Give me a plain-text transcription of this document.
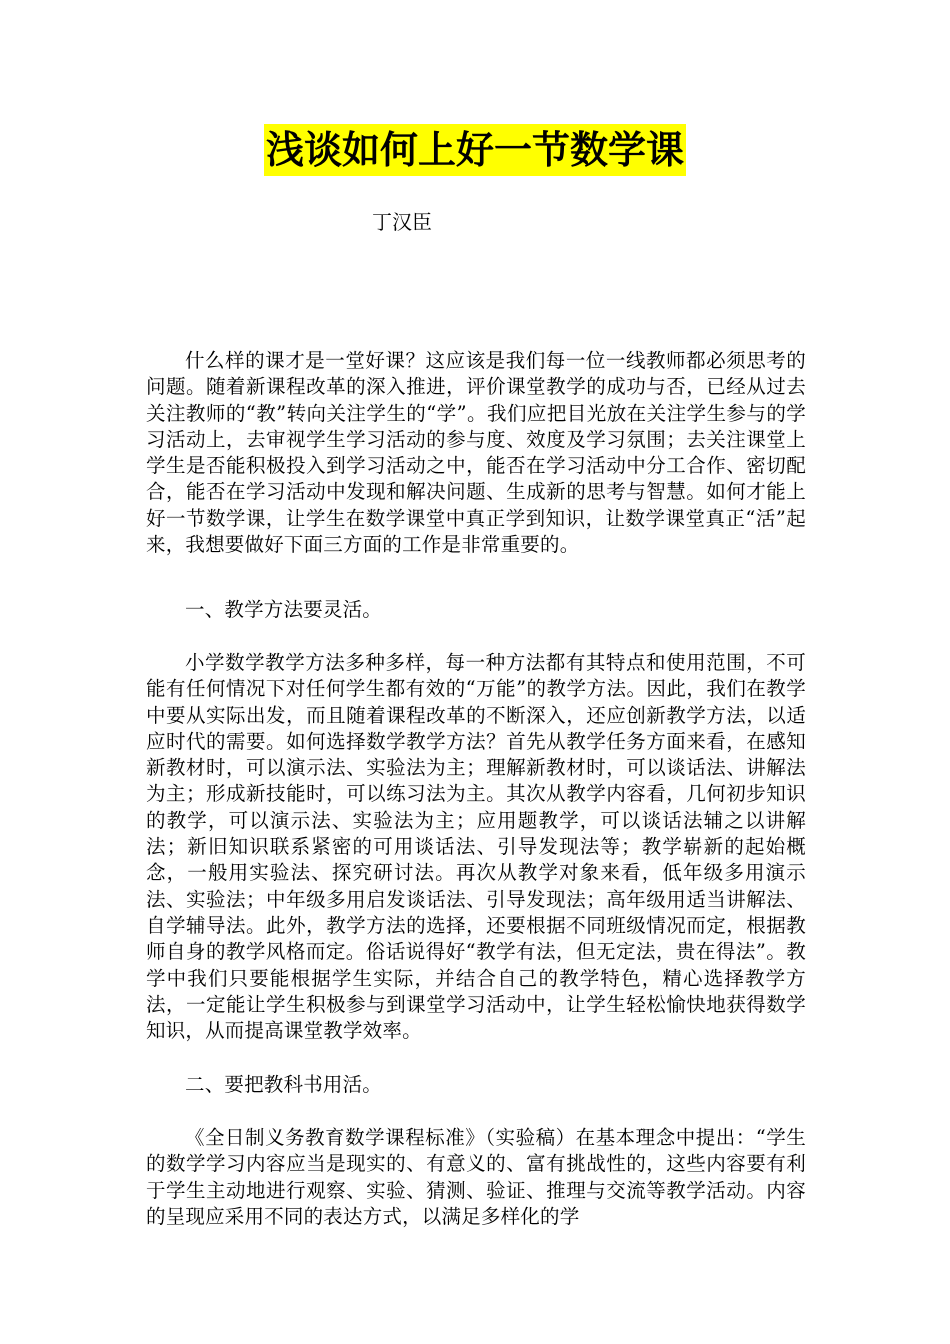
浅谈如何上好一节数学课
丁汉臣

什么样的课才是一堂好课？这应该是我们每一位一线教师都必须思考的问题。随着新课程改革的深入推进，评价课堂教学的成功与否，已经从过去关注教师的“教”转向关注学生的“学”。我们应把目光放在关注学生参与的学习活动上，去审视学生学习活动的参与度、效度及学习氛围；去关注课堂上学生是否能积极投入到学习活动之中，能否在学习活动中分工合作、密切配合，能否在学习活动中发现和解决问题、生成新的思考与智慧。如何才能上好一节数学课，让学生在数学课堂中真正学到知识，让数学课堂真正“活”起来，我想要做好下面三方面的工作是非常重要的。

一、教学方法要灵活。

小学数学教学方法多种多样，每一种方法都有其特点和使用范围，不可能有任何情况下对任何学生都有效的“万能”的教学方法。因此，我们在教学中要从实际出发，而且随着课程改革的不断深入，还应创新教学方法，以适应时代的需要。如何选择数学教学方法？首先从教学任务方面来看，在感知新教材时，可以演示法、实验法为主；理解新教材时，可以谈话法、讲解法为主；形成新技能时，可以练习法为主。其次从教学内容看，几何初步知识的教学，可以演示法、实验法为主；应用题教学，可以谈话法辅之以讲解法；新旧知识联系紧密的可用谈话法、引导发现法等；教学崭新的起始概念，一般用实验法、探究研讨法。再次从教学对象来看，低年级多用演示法、实验法；中年级多用启发谈话法、引导发现法；高年级用适当讲解法、自学辅导法。此外，教学方法的选择，还要根据不同班级情况而定，根据教师自身的教学风格而定。俗话说得好“教学有法，但无定法，贵在得法”。教学中我们只要能根据学生实际，并结合自己的教学特色，精心选择教学方法，一定能让学生积极参与到课堂学习活动中，让学生轻松愉快地获得数学知识，从而提高课堂教学效率。

二、要把教科书用活。

《全日制义务教育数学课程标准》（实验稿）在基本理念中提出：“学生的数学学习内容应当是现实的、有意义的、富有挑战性的，这些内容要有利于学生主动地进行观察、实验、猜测、验证、推理与交流等教学活动。内容的呈现应采用不同的表达方式，以满足多样化的学
